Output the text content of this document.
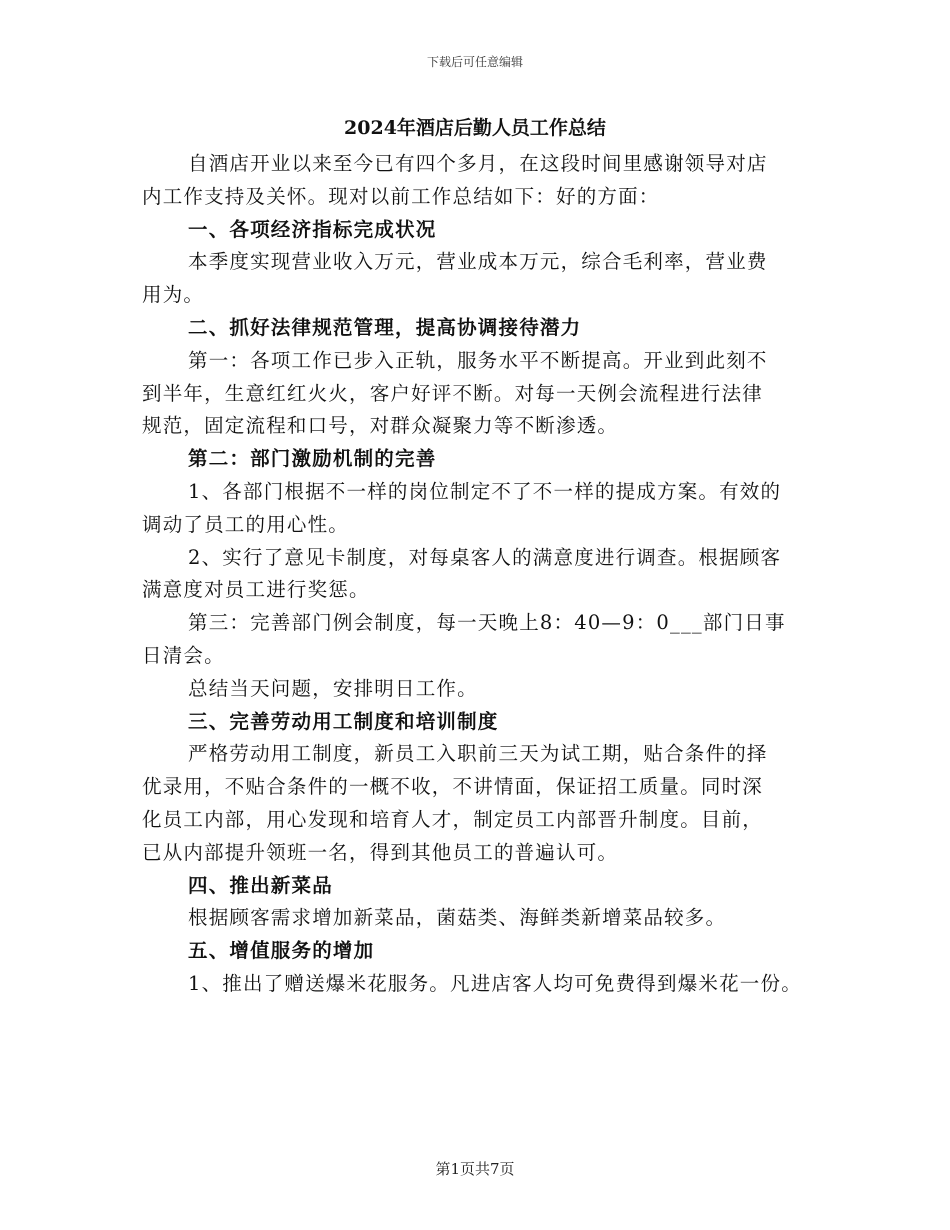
下载后可任意编辑
2024年酒店后勤人员工作总结

自酒店开业以来至今已有四个多月，在这段时间里感谢领导对店
内工作支持及关怀。现对以前工作总结如下：好的方面：

一、各项经济指标完成状况

本季度实现营业收入万元，营业成本万元，综合毛利率，营业费
用为。

二、抓好法律规范管理，提高协调接待潜力

第一：各项工作已步入正轨，服务水平不断提高。开业到此刻不
到半年，生意红红火火，客户好评不断。对每一天例会流程进行法律
规范，固定流程和口号，对群众凝聚力等不断渗透。

第二：部门激励机制的完善

1、各部门根据不一样的岗位制定不了不一样的提成方案。有效的
调动了员工的用心性。

2、实行了意见卡制度，对每桌客人的满意度进行调查。根据顾客
满意度对员工进行奖惩。

第三：完善部门例会制度，每一天晚上8：40—9：0___部门日事
日清会。

总结当天问题，安排明日工作。

三、完善劳动用工制度和培训制度

严格劳动用工制度，新员工入职前三天为试工期，贴合条件的择
优录用，不贴合条件的一概不收，不讲情面，保证招工质量。同时深
化员工内部，用心发现和培育人才，制定员工内部晋升制度。目前，
已从内部提升领班一名，得到其他员工的普遍认可。

四、推出新菜品

根据顾客需求增加新菜品，菌菇类、海鲜类新增菜品较多。

五、增值服务的增加

1、推出了赠送爆米花服务。凡进店客人均可免费得到爆米花一份。

第1页共7页
